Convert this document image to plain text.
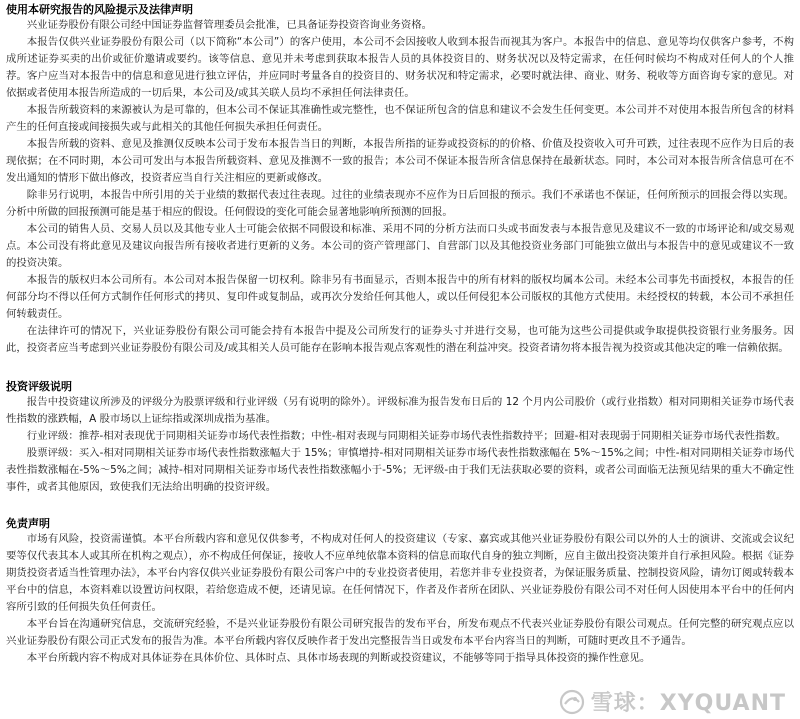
使用本研究报告的风险提示及法律声明

兴业证券股份有限公司经中国证券监督管理委员会批准，已具备证券投资咨询业务资格。

本报告仅供兴业证券股份有限公司（以下简称“本公司”）的客户使用，本公司不会因接收人收到本报告而视其为客户。本报告中的信息、意见等均仅供客户参考，不构成所述证券买卖的出价或征价邀请或要约。该等信息、意见并未考虑到获取本报告人员的具体投资目的、财务状况以及特定需求，在任何时候均不构成对任何人的个人推荐。客户应当对本报告中的信息和意见进行独立评估，并应同时考量各自的投资目的、财务状况和特定需求，必要时就法律、商业、财务、税收等方面咨询专家的意见。对依据或者使用本报告所造成的一切后果，本公司及/或其关联人员均不承担任何法律责任。

本报告所载资料的来源被认为是可靠的，但本公司不保证其准确性或完整性，也不保证所包含的信息和建议不会发生任何变更。本公司并不对使用本报告所包含的材料产生的任何直接或间接损失或与此相关的其他任何损失承担任何责任。

本报告所载的资料、意见及推测仅反映本公司于发布本报告当日的判断，本报告所指的证券或投资标的的价格、价值及投资收入可升可跌，过往表现不应作为日后的表现依据；在不同时期，本公司可发出与本报告所载资料、意见及推测不一致的报告；本公司不保证本报告所含信息保持在最新状态。同时，本公司对本报告所含信息可在不发出通知的情形下做出修改，投资者应当自行关注相应的更新或修改。

除非另行说明，本报告中所引用的关于业绩的数据代表过往表现。过往的业绩表现亦不应作为日后回报的预示。我们不承诺也不保证，任何所预示的回报会得以实现。分析中所做的回报预测可能是基于相应的假设。任何假设的变化可能会显著地影响所预测的回报。

本公司的销售人员、交易人员以及其他专业人士可能会依据不同假设和标准、采用不同的分析方法而口头或书面发表与本报告意见及建议不一致的市场评论和/或交易观点。本公司没有将此意见及建议向报告所有接收者进行更新的义务。本公司的资产管理部门、自营部门以及其他投资业务部门可能独立做出与本报告中的意见或建议不一致的投资决策。

本报告的版权归本公司所有。本公司对本报告保留一切权利。除非另有书面显示，否则本报告中的所有材料的版权均属本公司。未经本公司事先书面授权，本报告的任何部分均不得以任何方式制作任何形式的拷贝、复印件或复制品，或再次分发给任何其他人，或以任何侵犯本公司版权的其他方式使用。未经授权的转载，本公司不承担任何转载责任。

在法律许可的情况下，兴业证券股份有限公司可能会持有本报告中提及公司所发行的证券头寸并进行交易，也可能为这些公司提供或争取提供投资银行业务服务。因此，投资者应当考虑到兴业证券股份有限公司及/或其相关人员可能存在影响本报告观点客观性的潜在利益冲突。投资者请勿将本报告视为投资或其他决定的唯一信赖依据。

投资评级说明

报告中投资建议所涉及的评级分为股票评级和行业评级（另有说明的除外）。评级标准为报告发布日后的 12 个月内公司股价（或行业指数）相对同期相关证券市场代表性指数的涨跌幅，A 股市场以上证综指或深圳成指为基准。

行业评级：推荐-相对表现优于同期相关证券市场代表性指数；中性-相对表现与同期相关证券市场代表性指数持平；回避-相对表现弱于同期相关证券市场代表性指数。

股票评级：买入-相对同期相关证券市场代表性指数涨幅大于 15%；审慎增持-相对同期相关证券市场代表性指数涨幅在 5%～15%之间；中性-相对同期相关证券市场代表性指数涨幅在-5%～5%之间；减持-相对同期相关证券市场代表性指数涨幅小于-5%；无评级-由于我们无法获取必要的资料，或者公司面临无法预见结果的重大不确定性事件，或者其他原因，致使我们无法给出明确的投资评级。

免责声明

市场有风险，投资需谨慎。本平台所载内容和意见仅供参考，不构成对任何人的投资建议（专家、嘉宾或其他兴业证券股份有限公司以外的人士的演讲、交流或会议纪要等仅代表其本人或其所在机构之观点），亦不构成任何保证，接收人不应单纯依靠本资料的信息而取代自身的独立判断，应自主做出投资决策并自行承担风险。根据《证券期货投资者适当性管理办法》，本平台内容仅供兴业证券股份有限公司客户中的专业投资者使用，若您并非专业投资者，为保证服务质量、控制投资风险，请勿订阅或转载本平台中的信息，本资料难以设置访问权限，若给您造成不便，还请见谅。在任何情况下，作者及作者所在团队、兴业证券股份有限公司不对任何人因使用本平台中的任何内容所引致的任何损失负任何责任。

本平台旨在沟通研究信息，交流研究经验，不是兴业证券股份有限公司研究报告的发布平台，所发布观点不代表兴业证券股份有限公司观点。任何完整的研究观点应以兴业证券股份有限公司正式发布的报告为准。本平台所载内容仅反映作者于发出完整报告当日或发布本平台内容当日的判断，可随时更改且不予通告。

本平台所载内容不构成对具体证券在具体价位、具体时点、具体市场表现的判断或投资建议，不能够等同于指导具体投资的操作性意见。

雪球：XYQUANT
